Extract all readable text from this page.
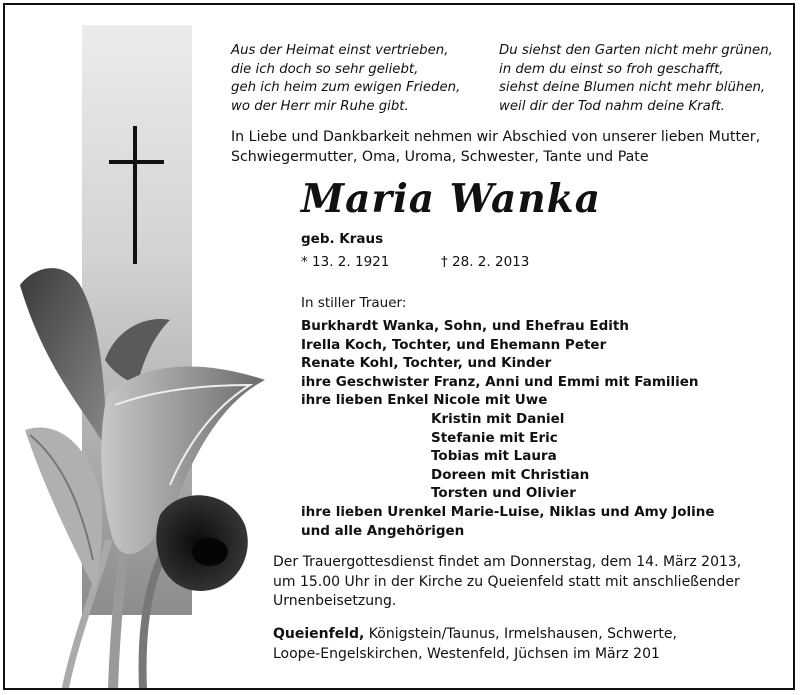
Aus der Heimat einst vertrieben,
die ich doch so sehr geliebt,
geh ich heim zum ewigen Frieden,
wo der Herr mir Ruhe gibt.
Du siehst den Garten nicht mehr grünen,
in dem du einst so froh geschafft,
siehst deine Blumen nicht mehr blühen,
weil dir der Tod nahm deine Kraft.
In Liebe und Dankbarkeit nehmen wir Abschied von unserer lieben Mutter,
Schwiegermutter, Oma, Uroma, Schwester, Tante und Pate
Maria Wanka
geb. Kraus
* 13. 2. 1921	† 28. 2. 2013
In stiller Trauer:
Burkhardt Wanka, Sohn, und Ehefrau Edith
Irella Koch, Tochter, und Ehemann Peter
Renate Kohl, Tochter, und Kinder
ihre Geschwister Franz, Anni und Emmi mit Familien
ihre lieben Enkel Nicole mit Uwe
Kristin mit Daniel
Stefanie mit Eric
Tobias mit Laura
Doreen mit Christian
Torsten und Olivier
ihre lieben Urenkel Marie-Luise, Niklas und Amy Joline
und alle Angehörigen
Der Trauergottesdienst findet am Donnerstag, dem 14. März 2013,
um 15.00 Uhr in der Kirche zu Queienfeld statt mit anschließender
Urnenbeisetzung.
Queienfeld, Königstein/Taunus, Irmelshausen, Schwerte,
Loope-Engelskirchen, Westenfeld, Jüchsen im März 201
